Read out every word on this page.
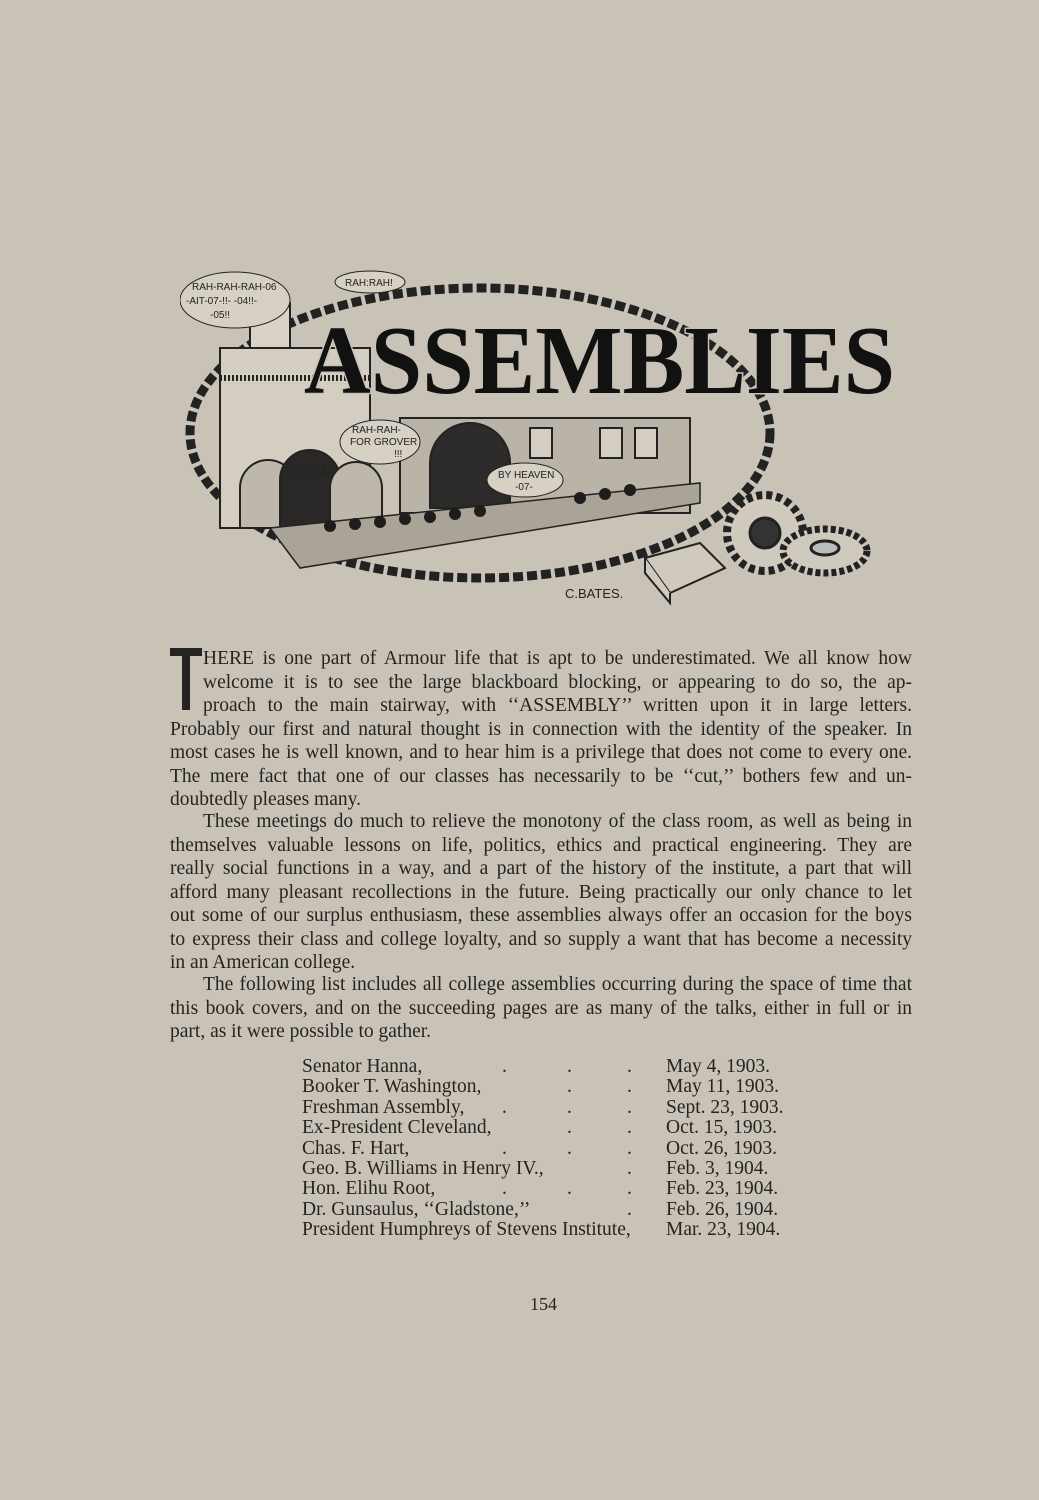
ASSEMBLIES
RAH-RAH-RAH-06
-AIT-07-!!- -04!!-
-05!!
RAH:RAH!
RAH-RAH-
FOR GROVER
!!!
CHAPEL	BY HEAVEN
-07-
C.BATES.
HERE is one part of Armour life that is apt to be underestimated. We all know how
welcome it is to see the large blackboard blocking, or appearing to do so, the ap-
proach to the main stairway, with ‘‘ASSEMBLY’’ written upon it in large letters.
Probably our first and natural thought is in connection with the identity of the speaker. In
most cases he is well known, and to hear him is a privilege that does not come to every one.
The mere fact that one of our classes has necessarily to be ‘‘cut,’’ bothers few and un-
doubtedly pleases many.
These meetings do much to relieve the monotony of the class room, as well as being in
themselves valuable lessons on life, politics, ethics and practical engineering. They are
really social functions in a way, and a part of the history of the institute, a part that will
afford many pleasant recollections in the future. Being practically our only chance to let
out some of our surplus enthusiasm, these assemblies always offer an occasion for the boys
to express their class and college loyalty, and so supply a want that has become a necessity
in an American college.
The following list includes all college assemblies occurring during the space of time that
this book covers, and on the succeeding pages are as many of the talks, either in full or in
part, as it were possible to gather.
Senator Hanna,	.	.	. May 4, 1903.
Booker T. Washington,	.	. May 11, 1903.
Freshman Assembly,	.	.	. Sept. 23, 1903.
Ex-President Cleveland,	.	. Oct. 15, 1903.
Chas. F. Hart,	.	.	. Oct. 26, 1903.
Geo. B. Williams in Henry IV.,	. Feb. 3, 1904.
Hon. Elihu Root,	.	.	. Feb. 23, 1904.
Dr. Gunsaulus, ‘‘Gladstone,’’	. Feb. 26, 1904.
President Humphreys of Stevens Institute,	Mar. 23, 1904.
154
